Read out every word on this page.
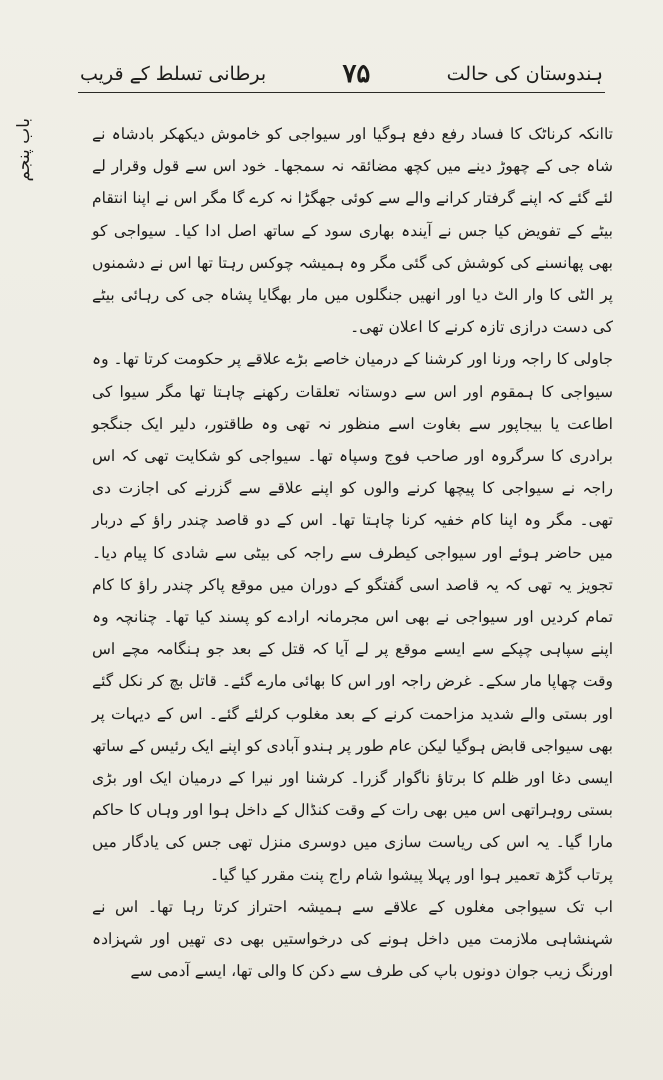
ہندوستان کی حالت
٧۵
برطانی تسلط کے قریب
باب پنجم	تاانکہ کرناٹک کا فساد رفع دفع ہوگیا اور سیواجی کو خاموش دیکھکر بادشاہ نے شاہ جی کے چھوڑ دینے میں کچھ مضائقہ نہ سمجھا۔ خود اس سے قول وقرار لے لئے گئے کہ اپنے گرفتار کرانے والے سے کوئی جھگڑا نہ کرے گا مگر اس نے اپنا انتقام بیٹے کے تفویض کیا جس نے آیندہ بھاری سود کے ساتھ اصل ادا کیا۔ سیواجی کو بھی پھانسنے کی کوشش کی گئی مگر وہ ہمیشہ چوکس رہتا تھا اس نے دشمنوں پر الٹی کا وار الٹ دیا اور انھیں جنگلوں میں مار بھگایا پشاہ جی کی رہائی بیٹے کی دست درازی تازہ کرنے کا اعلان تھی۔

جاولی کا راجہ ورنا اور کرشنا کے درمیان خاصے بڑے علاقے پر حکومت کرتا تھا۔ وہ سیواجی کا ہمقوم اور اس سے دوستانہ تعلقات رکھنے چاہتا تھا مگر سیوا کی اطاعت یا بیجاپور سے بغاوت اسے منظور نہ تھی وہ طاقتور، دلیر ایک جنگجو برادری کا سرگروہ اور صاحب فوج وسپاہ تھا۔ سیواجی کو شکایت تھی کہ اس راجہ نے سیواجی کا پیچھا کرنے والوں کو اپنے علاقے سے گزرنے کی اجازت دی تھی۔ مگر وہ اپنا کام خفیہ کرنا چاہتا تھا۔ اس کے دو قاصد چندر راؤ کے دربار میں حاضر ہوئے اور سیواجی کیطرف سے راجہ کی بیٹی سے شادی کا پیام دیا۔ تجویز یہ تھی کہ یہ قاصد اسی گفتگو کے دوران میں موقع پاکر چندر راؤ کا کام تمام کردیں اور سیواجی نے بھی اس مجرمانہ ارادے کو پسند کیا تھا۔ چنانچہ وہ اپنے سپاہی چپکے سے ایسے موقع پر لے آیا کہ قتل کے بعد جو ہنگامہ مچے اس وقت چھاپا مار سکے۔ غرض راجہ اور اس کا بھائی مارے گئے۔ قاتل بچ کر نکل گئے اور بستی والے شدید مزاحمت کرنے کے بعد مغلوب کرلئے گئے۔ اس کے دیہات پر بھی سیواجی قابض ہوگیا لیکن عام طور پر ہندو آبادی کو اپنے ایک رئیس کے ساتھ ایسی دغا اور ظلم کا برتاؤ ناگوار گزرا۔ کرشنا اور نیرا کے درمیان ایک اور بڑی بستی روہراتھی اس میں بھی رات کے وقت کنڈال کے داخل ہوا اور وہاں کا حاکم مارا گیا۔ یہ اس کی ریاست سازی میں دوسری منزل تھی جس کی یادگار میں پرتاب گڑھ تعمیر ہوا اور پہلا پیشوا شام راج پنت مقرر کیا گیا۔

اب تک سیواجی مغلوں کے علاقے سے ہمیشہ احتراز کرتا رہا تھا۔ اس نے شہنشاہی ملازمت میں داخل ہونے کی درخواستیں بھی دی تھیں اور شہزادہ اورنگ زیب جوان دونوں باپ کی طرف سے دکن کا والی تھا، ایسے آدمی سے
